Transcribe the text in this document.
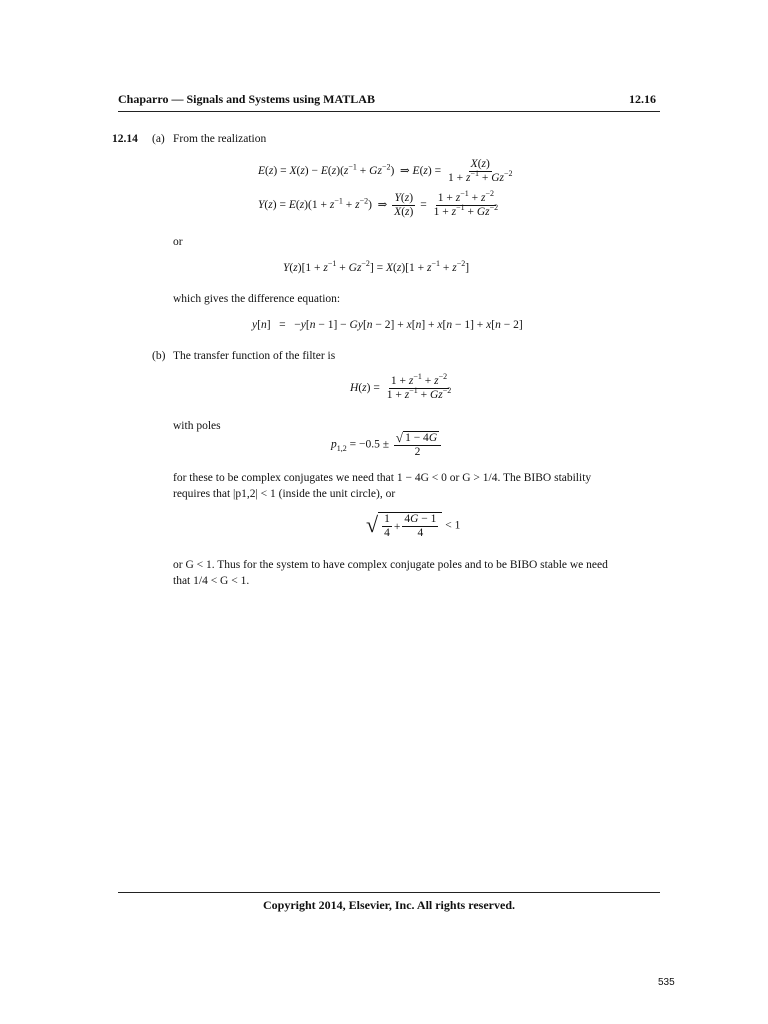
Chaparro — Signals and Systems using MATLAB	12.16
12.14 (a) From the realization
$E(z) = X(z) - E(z)(z^{-1} + Gz^{-2})$  ⇒ $E(z) = \frac{X(z)}{1 + z^{-1} + Gz^{-2}}$
$Y(z) = E(z)(1 + z^{-1} + z^{-2})$  ⇒ $\frac{Y(z)}{X(z)} = \frac{1 + z^{-1} + z^{-2}}{1 + z^{-1} + Gz^{-2}}$
or
$Y(z)[1 + z^{-1} + Gz^{-2}] = X(z)[1 + z^{-1} + z^{-2}]$
which gives the difference equation:
y[n]   =   −y[n − 1] − Gy[n − 2] + x[n] + x[n − 1] + x[n − 2]
(b) The transfer function of the filter is
$H(z) = \frac{1 + z^{-1} + z^{-2}}{1 + z^{-1} + Gz^{-2}}$
with poles
$p_{1,2} = -0.5 \pm \frac{√ 1 - 4 G}{2}$
for these to be complex conjugates we need that 1 − 4G < 0 or G > 1/4. The BIBO stability
requires that |p1,2| < 1 (inside the unit circle), or
√ $\frac{1}{4} + \frac{4G - 1}{4} < 1$
or G < 1. Thus for the system to have complex conjugate poles and to be BIBO stable we need
that 1/4 < G < 1.
Copyright 2014, Elsevier, Inc. All rights reserved.
535
